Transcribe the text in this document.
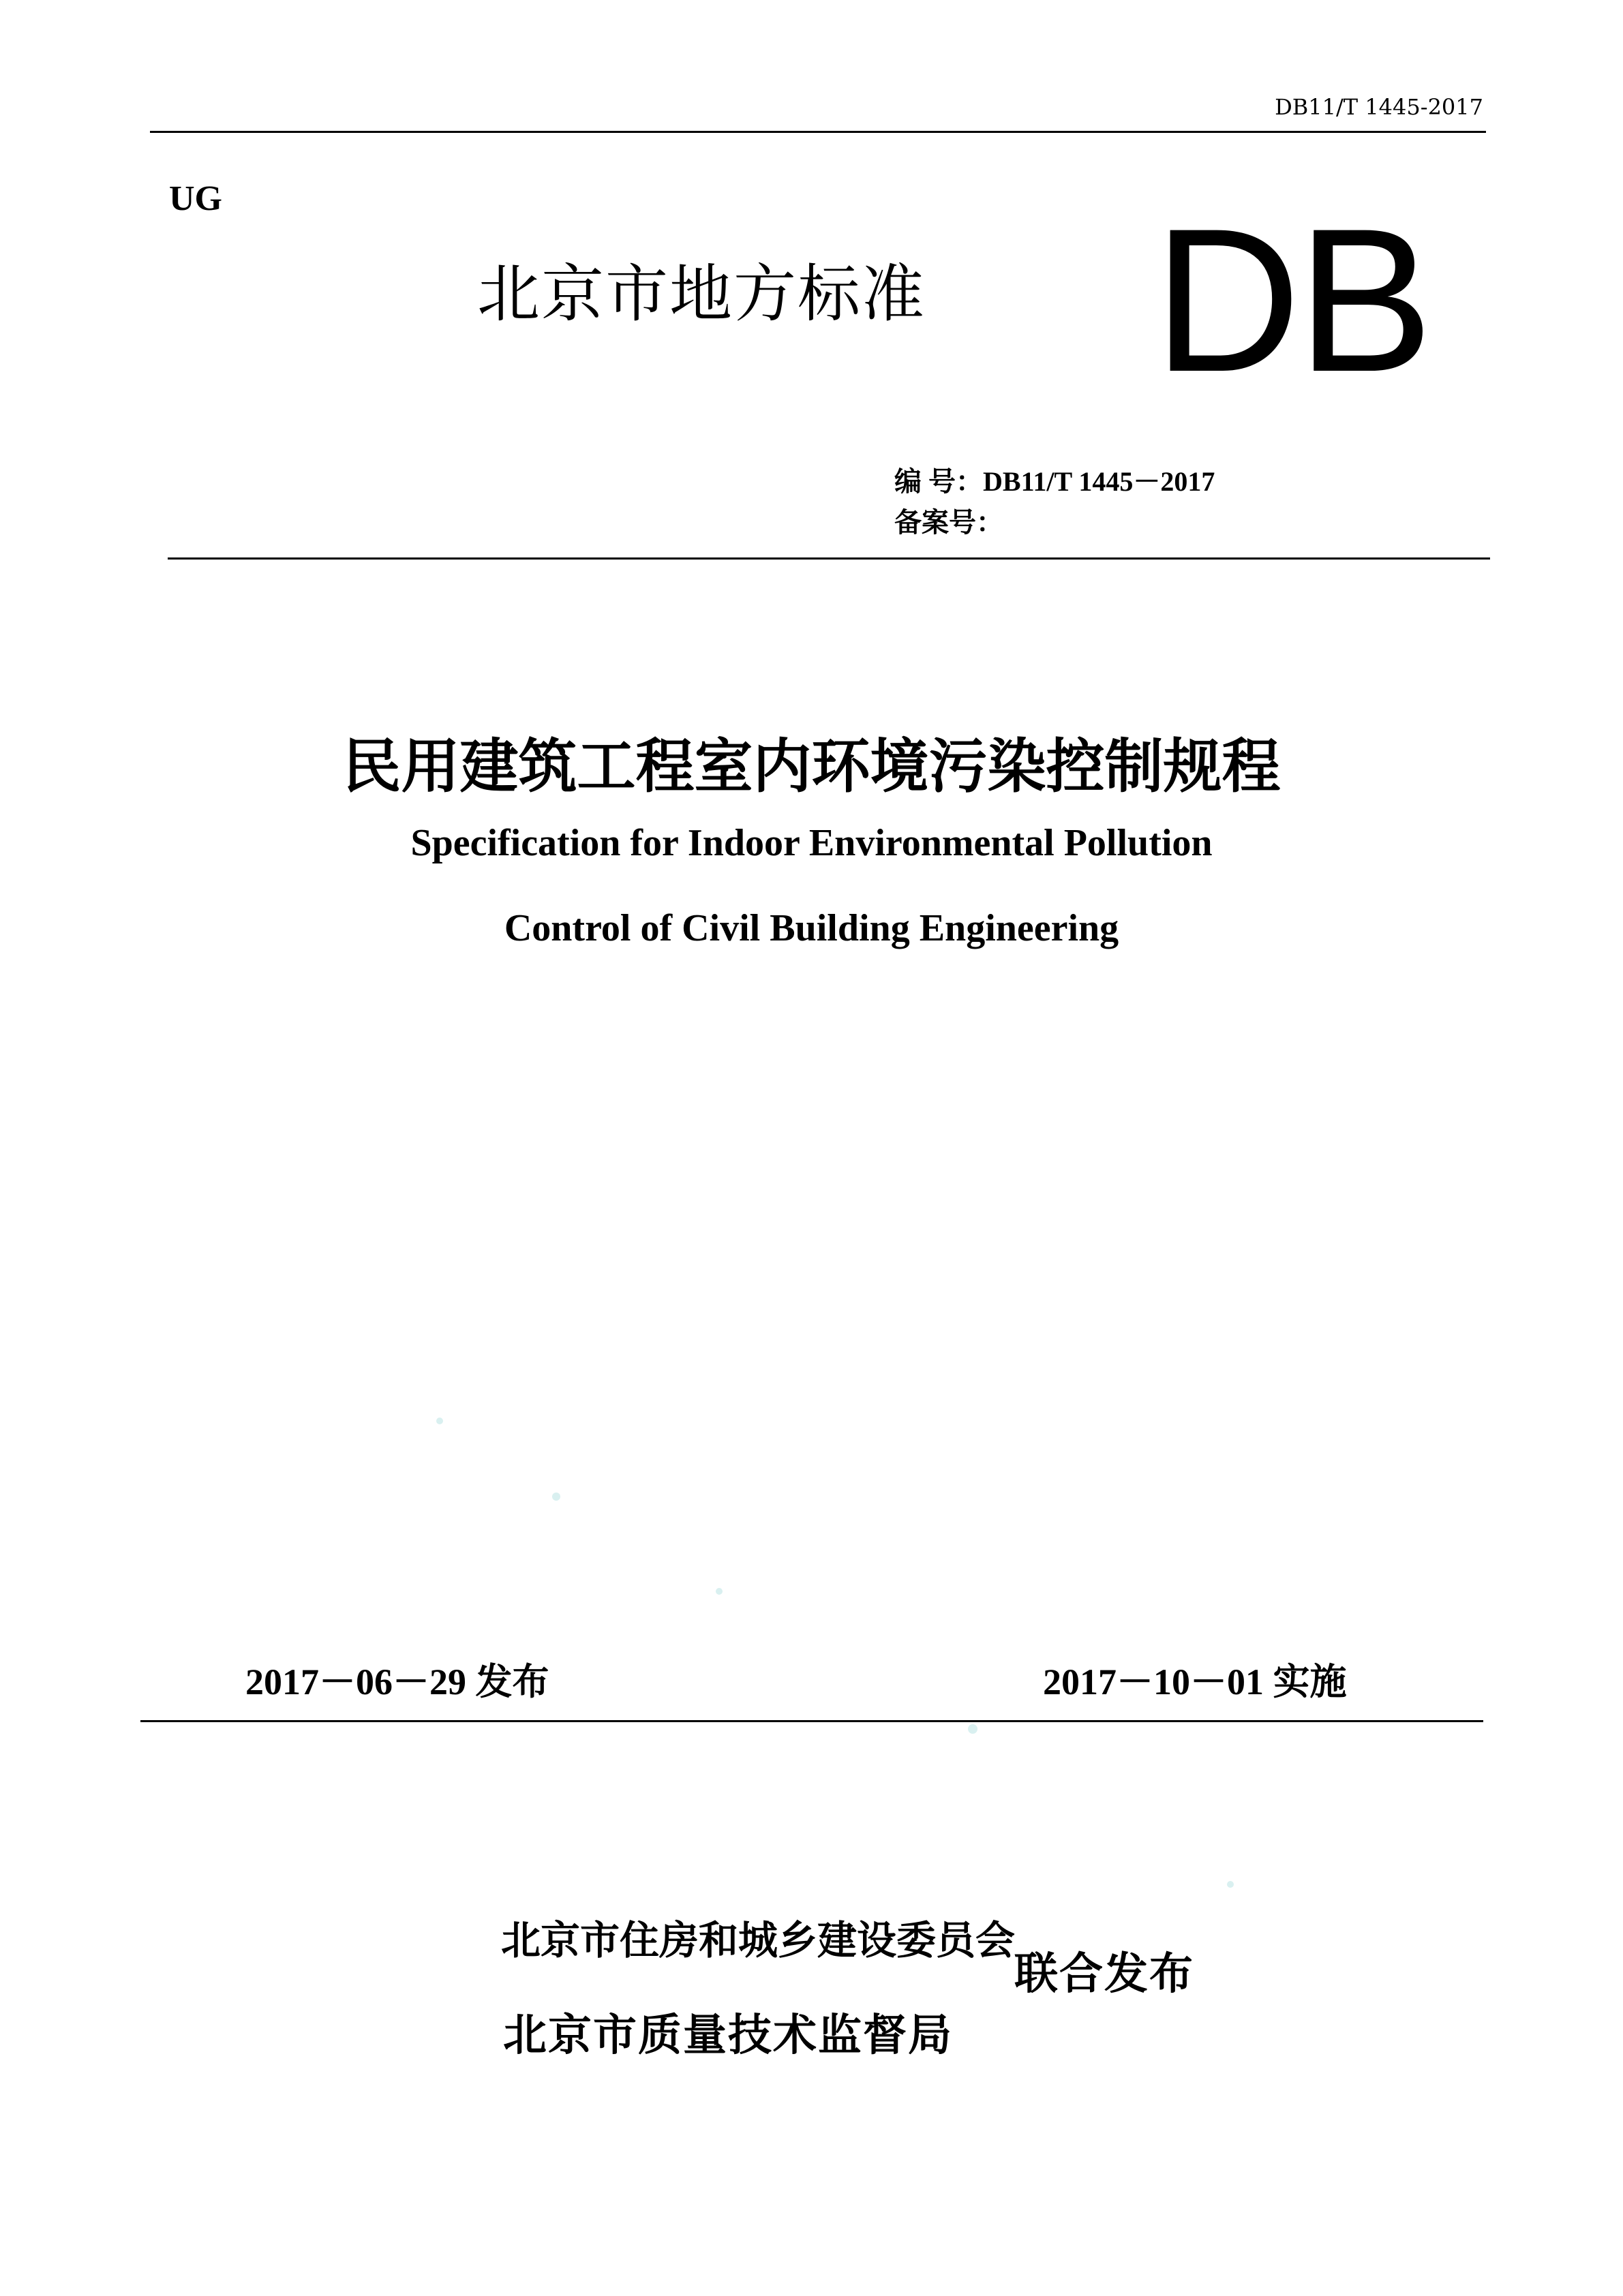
DB11/T 1445-2017
UG
北京市地方标准 DB
编 号：DB11/T 1445－2017
备案号：
民用建筑工程室内环境污染控制规程
Specification for Indoor Environmental Pollution
Control of Civil Building Engineering
2017－06－29 发布	2017－10－01 实施
北京市住房和城乡建设委员会
北京市质量技术监督局
联合发布
